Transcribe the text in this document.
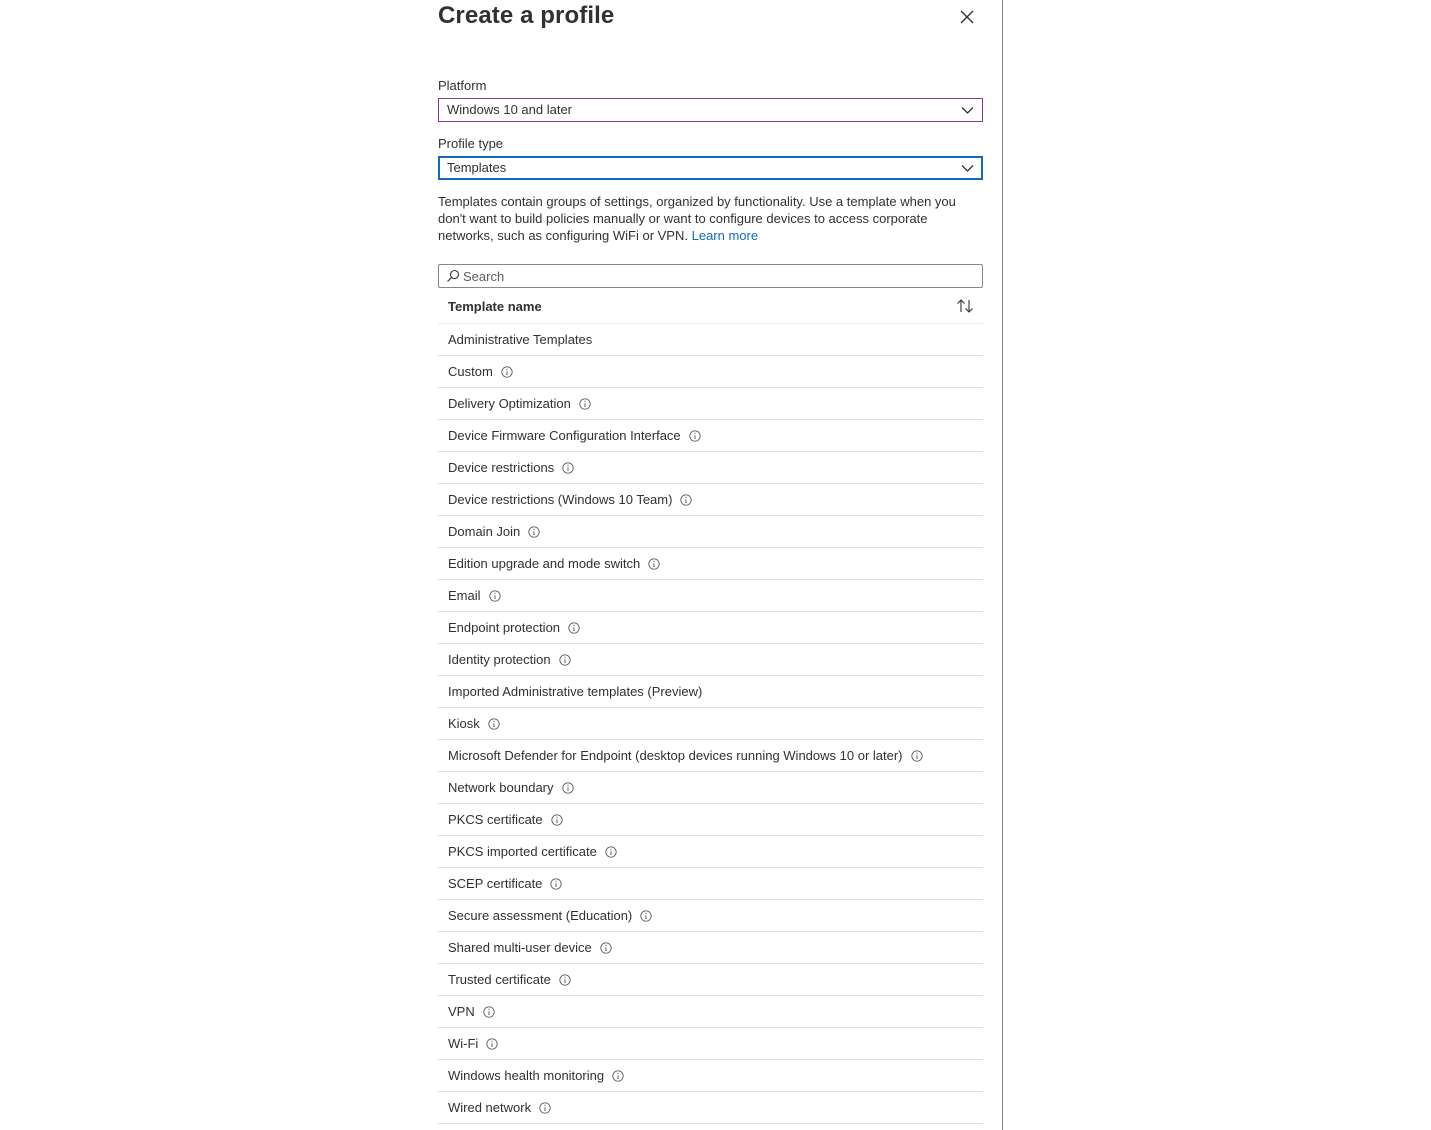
Create a profile
Platform
Windows 10 and later
Profile type
Templates
Templates contain groups of settings, organized by functionality. Use a template when you don't want to build policies manually or want to configure devices to access corporate networks, such as configuring WiFi or VPN. Learn more
Search
Template name
Administrative Templates
Custom
Delivery Optimization
Device Firmware Configuration Interface
Device restrictions
Device restrictions (Windows 10 Team)
Domain Join
Edition upgrade and mode switch
Email
Endpoint protection
Identity protection
Imported Administrative templates (Preview)
Kiosk
Microsoft Defender for Endpoint (desktop devices running Windows 10 or later)
Network boundary
PKCS certificate
PKCS imported certificate
SCEP certificate
Secure assessment (Education)
Shared multi-user device
Trusted certificate
VPN
Wi-Fi
Windows health monitoring
Wired network
